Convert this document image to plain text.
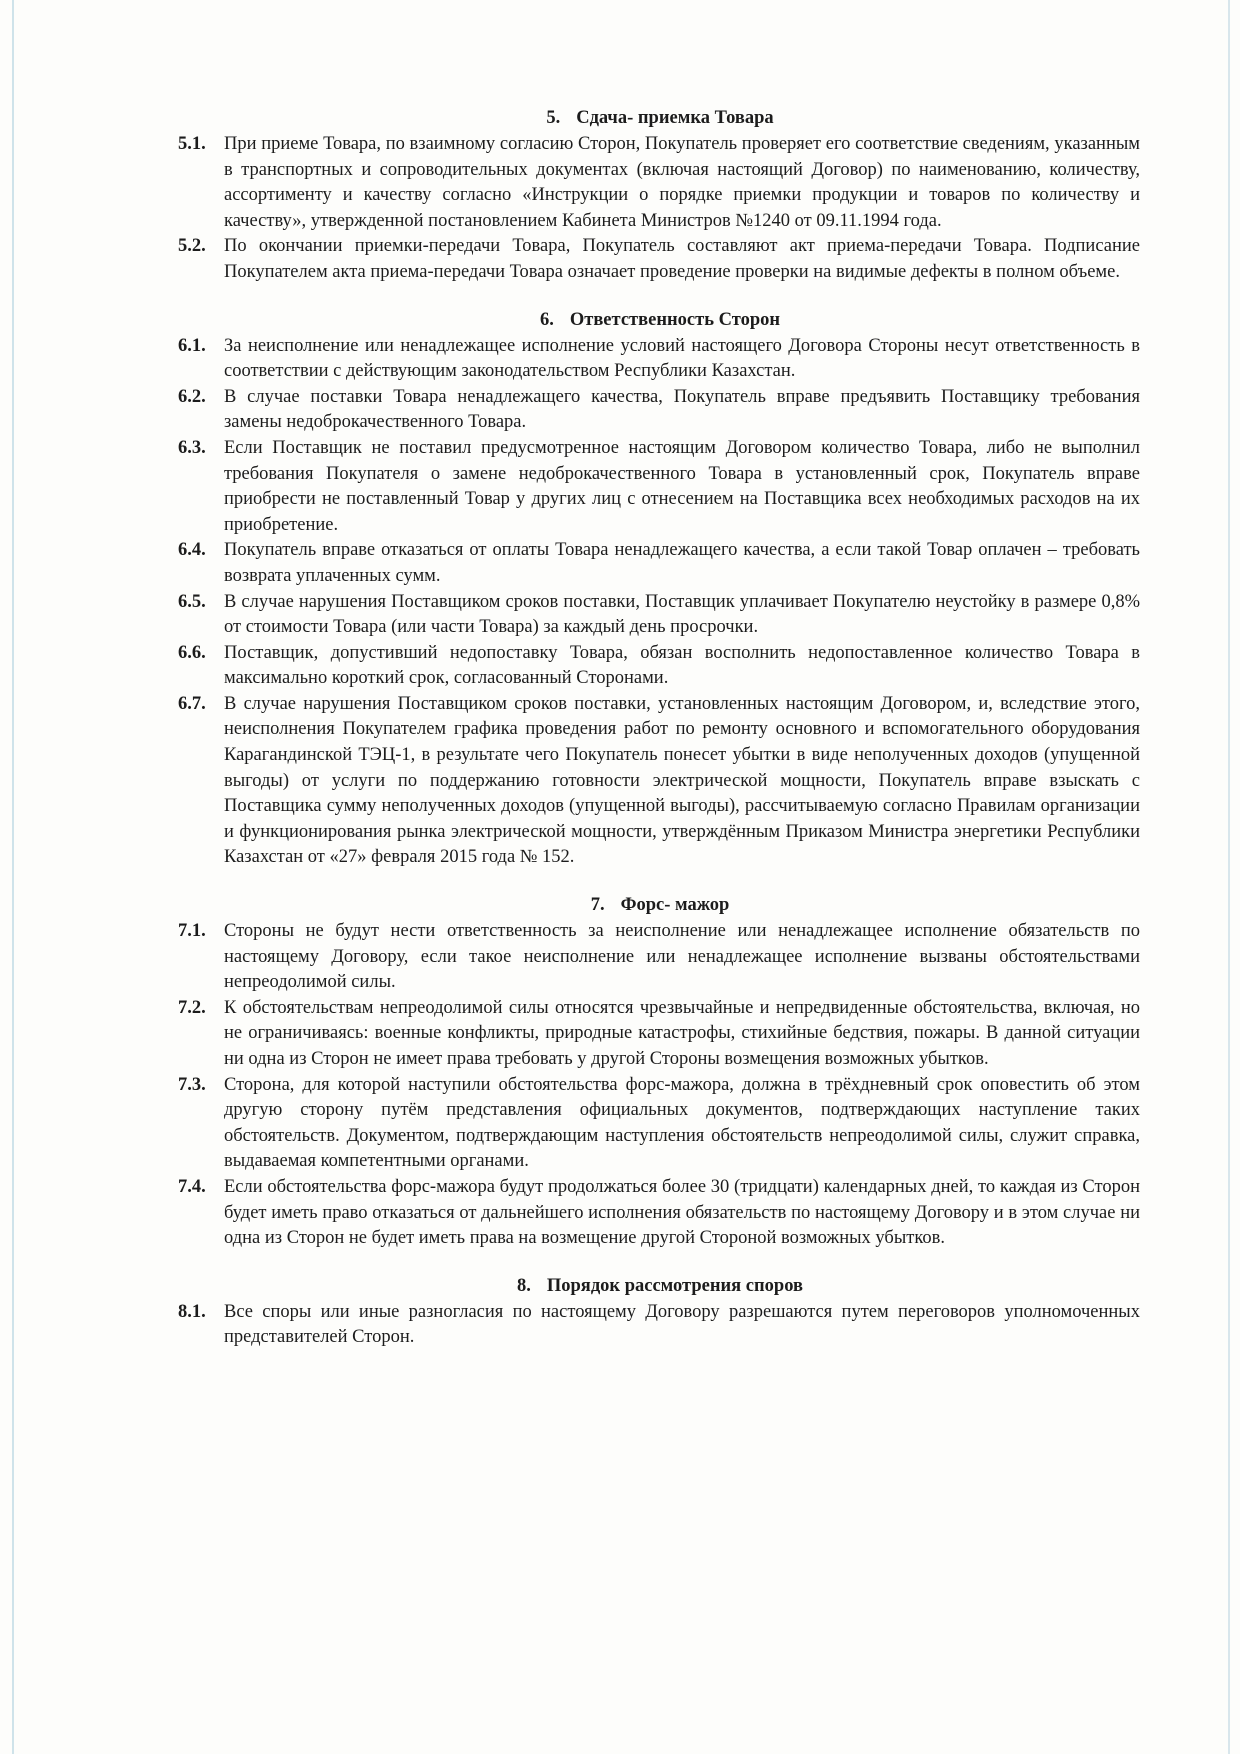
5. Сдача- приемка Товара
5.1. При приеме Товара, по взаимному согласию Сторон, Покупатель проверяет его соответствие сведениям, указанным в транспортных и сопроводительных документах (включая настоящий Договор) по наименованию, количеству, ассортименту и качеству согласно «Инструкции о порядке приемки продукции и товаров по количеству и качеству», утвержденной постановлением Кабинета Министров №1240 от 09.11.1994 года.
5.2. По окончании приемки-передачи Товара, Покупатель составляют акт приема-передачи Товара. Подписание Покупателем акта приема-передачи Товара означает проведение проверки на видимые дефекты в полном объеме.
6. Ответственность Сторон
6.1. За неисполнение или ненадлежащее исполнение условий настоящего Договора Стороны несут ответственность в соответствии с действующим законодательством Республики Казахстан.
6.2. В случае поставки Товара ненадлежащего качества, Покупатель вправе предъявить Поставщику требования замены недоброкачественного Товара.
6.3. Если Поставщик не поставил предусмотренное настоящим Договором количество Товара, либо не выполнил требования Покупателя о замене недоброкачественного Товара в установленный срок, Покупатель вправе приобрести не поставленный Товар у других лиц с отнесением на Поставщика всех необходимых расходов на их приобретение.
6.4. Покупатель вправе отказаться от оплаты Товара ненадлежащего качества, а если такой Товар оплачен – требовать возврата уплаченных сумм.
6.5. В случае нарушения Поставщиком сроков поставки, Поставщик уплачивает Покупателю неустойку в размере 0,8% от стоимости Товара (или части Товара) за каждый день просрочки.
6.6. Поставщик, допустивший недопоставку Товара, обязан восполнить недопоставленное количество Товара в максимально короткий срок, согласованный Сторонами.
6.7. В случае нарушения Поставщиком сроков поставки, установленных настоящим Договором, и, вследствие этого, неисполнения Покупателем графика проведения работ по ремонту основного и вспомогательного оборудования Карагандинской ТЭЦ-1, в результате чего Покупатель понесет убытки в виде неполученных доходов (упущенной выгоды) от услуги по поддержанию готовности электрической мощности, Покупатель вправе взыскать с Поставщика сумму неполученных доходов (упущенной выгоды), рассчитываемую согласно Правилам организации и функционирования рынка электрической мощности, утверждённым Приказом Министра энергетики Республики Казахстан от «27» февраля 2015 года № 152.
7. Форс- мажор
7.1. Стороны не будут нести ответственность за неисполнение или ненадлежащее исполнение обязательств по настоящему Договору, если такое неисполнение или ненадлежащее исполнение вызваны обстоятельствами непреодолимой силы.
7.2. К обстоятельствам непреодолимой силы относятся чрезвычайные и непредвиденные обстоятельства, включая, но не ограничиваясь: военные конфликты, природные катастрофы, стихийные бедствия, пожары. В данной ситуации ни одна из Сторон не имеет права требовать у другой Стороны возмещения возможных убытков.
7.3. Сторона, для которой наступили обстоятельства форс-мажора, должна в трёхдневный срок оповестить об этом другую сторону путём представления официальных документов, подтверждающих наступление таких обстоятельств. Документом, подтверждающим наступления обстоятельств непреодолимой силы, служит справка, выдаваемая компетентными органами.
7.4. Если обстоятельства форс-мажора будут продолжаться более 30 (тридцати) календарных дней, то каждая из Сторон будет иметь право отказаться от дальнейшего исполнения обязательств по настоящему Договору и в этом случае ни одна из Сторон не будет иметь права на возмещение другой Стороной возможных убытков.
8. Порядок рассмотрения споров
8.1. Все споры или иные разногласия по настоящему Договору разрешаются путем переговоров уполномоченных представителей Сторон.
